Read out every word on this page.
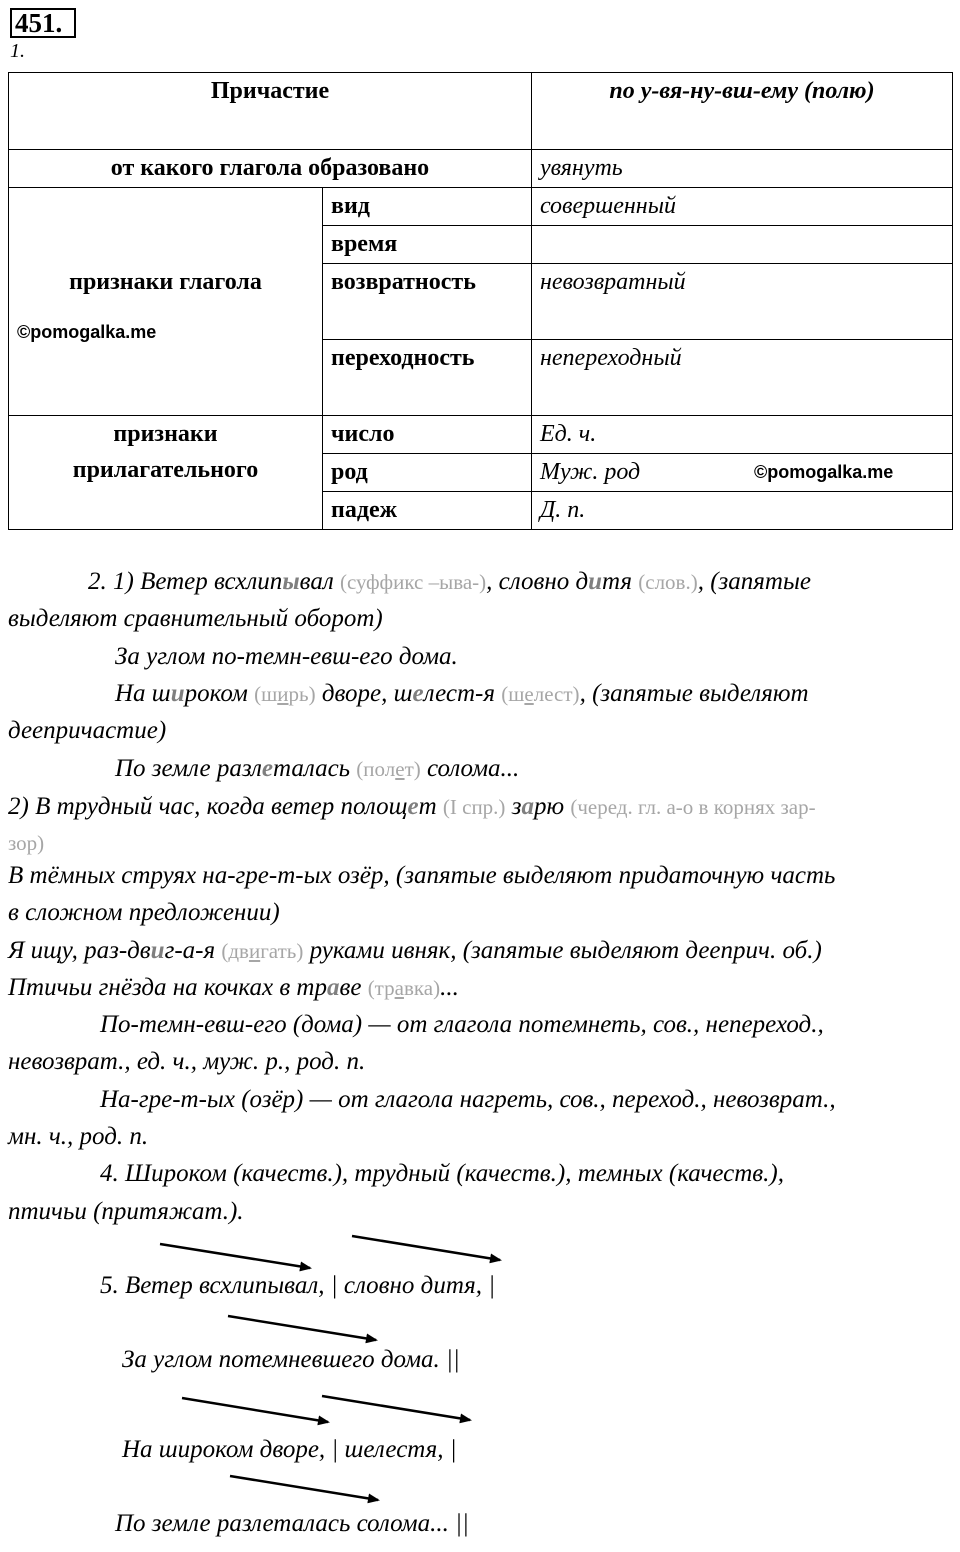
451.
1.
Причастие		по у-вя-ну-вш-ему (полю)
от какого глагола образовано		увянуть

признаки глагола
©pomogalka.me	вид	совершенный
	время	
	возвратность	невозвратный
	переходность	непереходный

признаки
прилагательного	число	Ед. ч.
	род	Муж. род ©pomogalka.me

	падеж	Д. п.
2. 1) Ветер всхлипывал (суффикс –ыва-), словно дитя (слов.), (запятые
выделяют сравнительный оборот)
За углом по-темн-евш-его дома.
На широком (ширь) дворе, шелест-я (шелест), (запятые выделяют
деепричастие)
По земле разлеталась (полет) солома...
2) В трудный час, когда ветер полощет (I спр.) зарю (черед. гл. а-о в корнях зар-
зор)
В тёмных струях на-гре-т-ых озёр, (запятые выделяют придаточную часть
в сложном предложении)
Я ищу, раз-двиг-а-я (двигать) руками ивняк, (запятые выделяют дееприч. об.)
Птичьи гнёзда на кочках в траве (травка)...
По-темн-евш-его (дома) — от глагола потемнеть, сов., непереход.,
невозврат., ед. ч., муж. р., род. п.
На-гре-т-ых (озёр) — от глагола нагреть, сов., переход., невозврат.,
мн. ч., род. п.
4. Широком (качеств.), трудный (качеств.), темных (качеств.),
птичьи (притяжат.).
5. Ветер всхлипывал, | словно дитя, |
За углом потемневшего дома. ||
На широком дворе, | шелестя, |
По земле разлеталась солома... ||
